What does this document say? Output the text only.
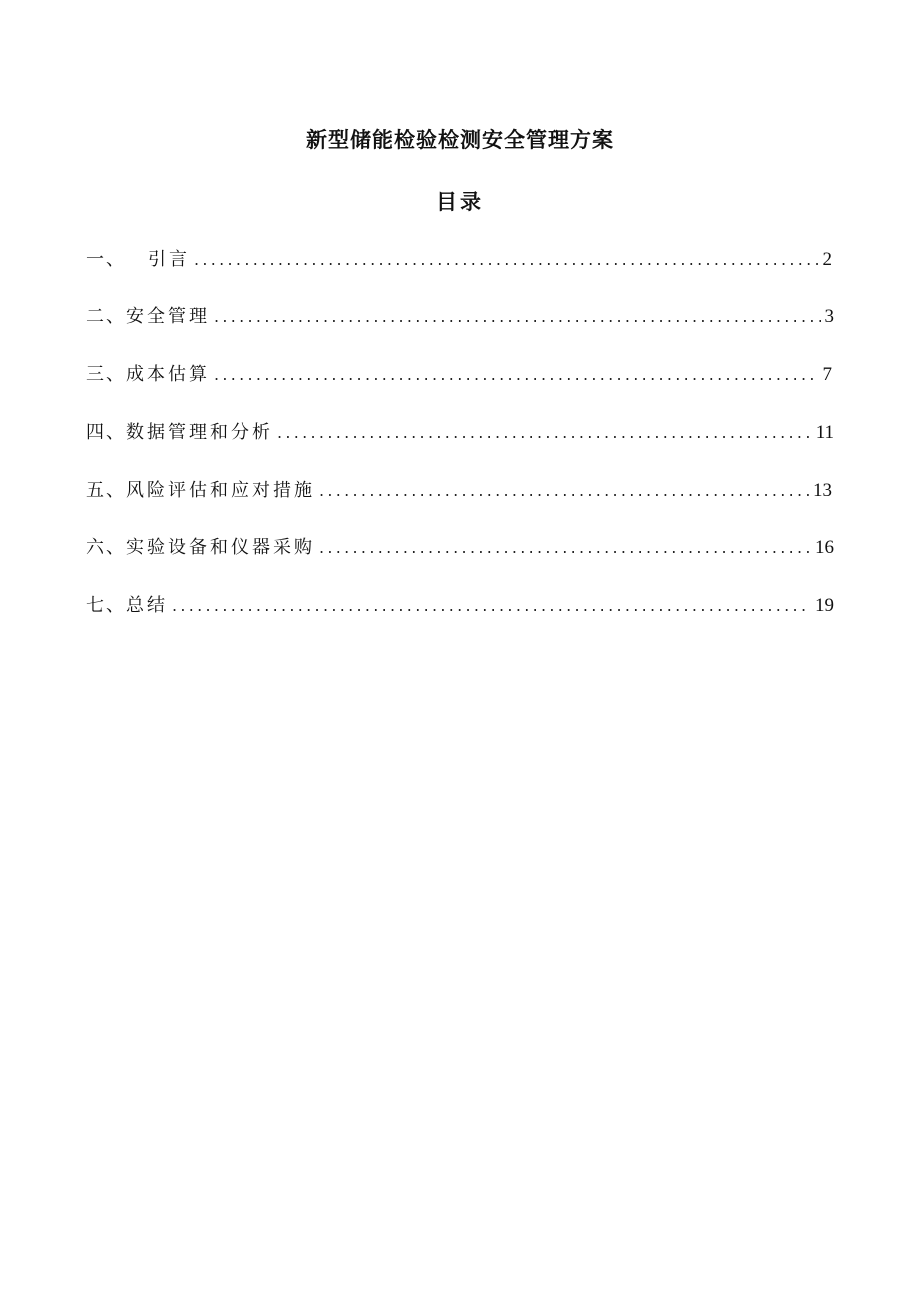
新型储能检验检测安全管理方案
目录
一、 引言 .....	2
二、 安全管理 .....	3
三、 成本估算 .....	7
四、 数据管理和分析 .....	11
五、 风险评估和应对措施 .....	13
六、 实验设备和仪器采购 .....	16
七、 总结 .....	19
